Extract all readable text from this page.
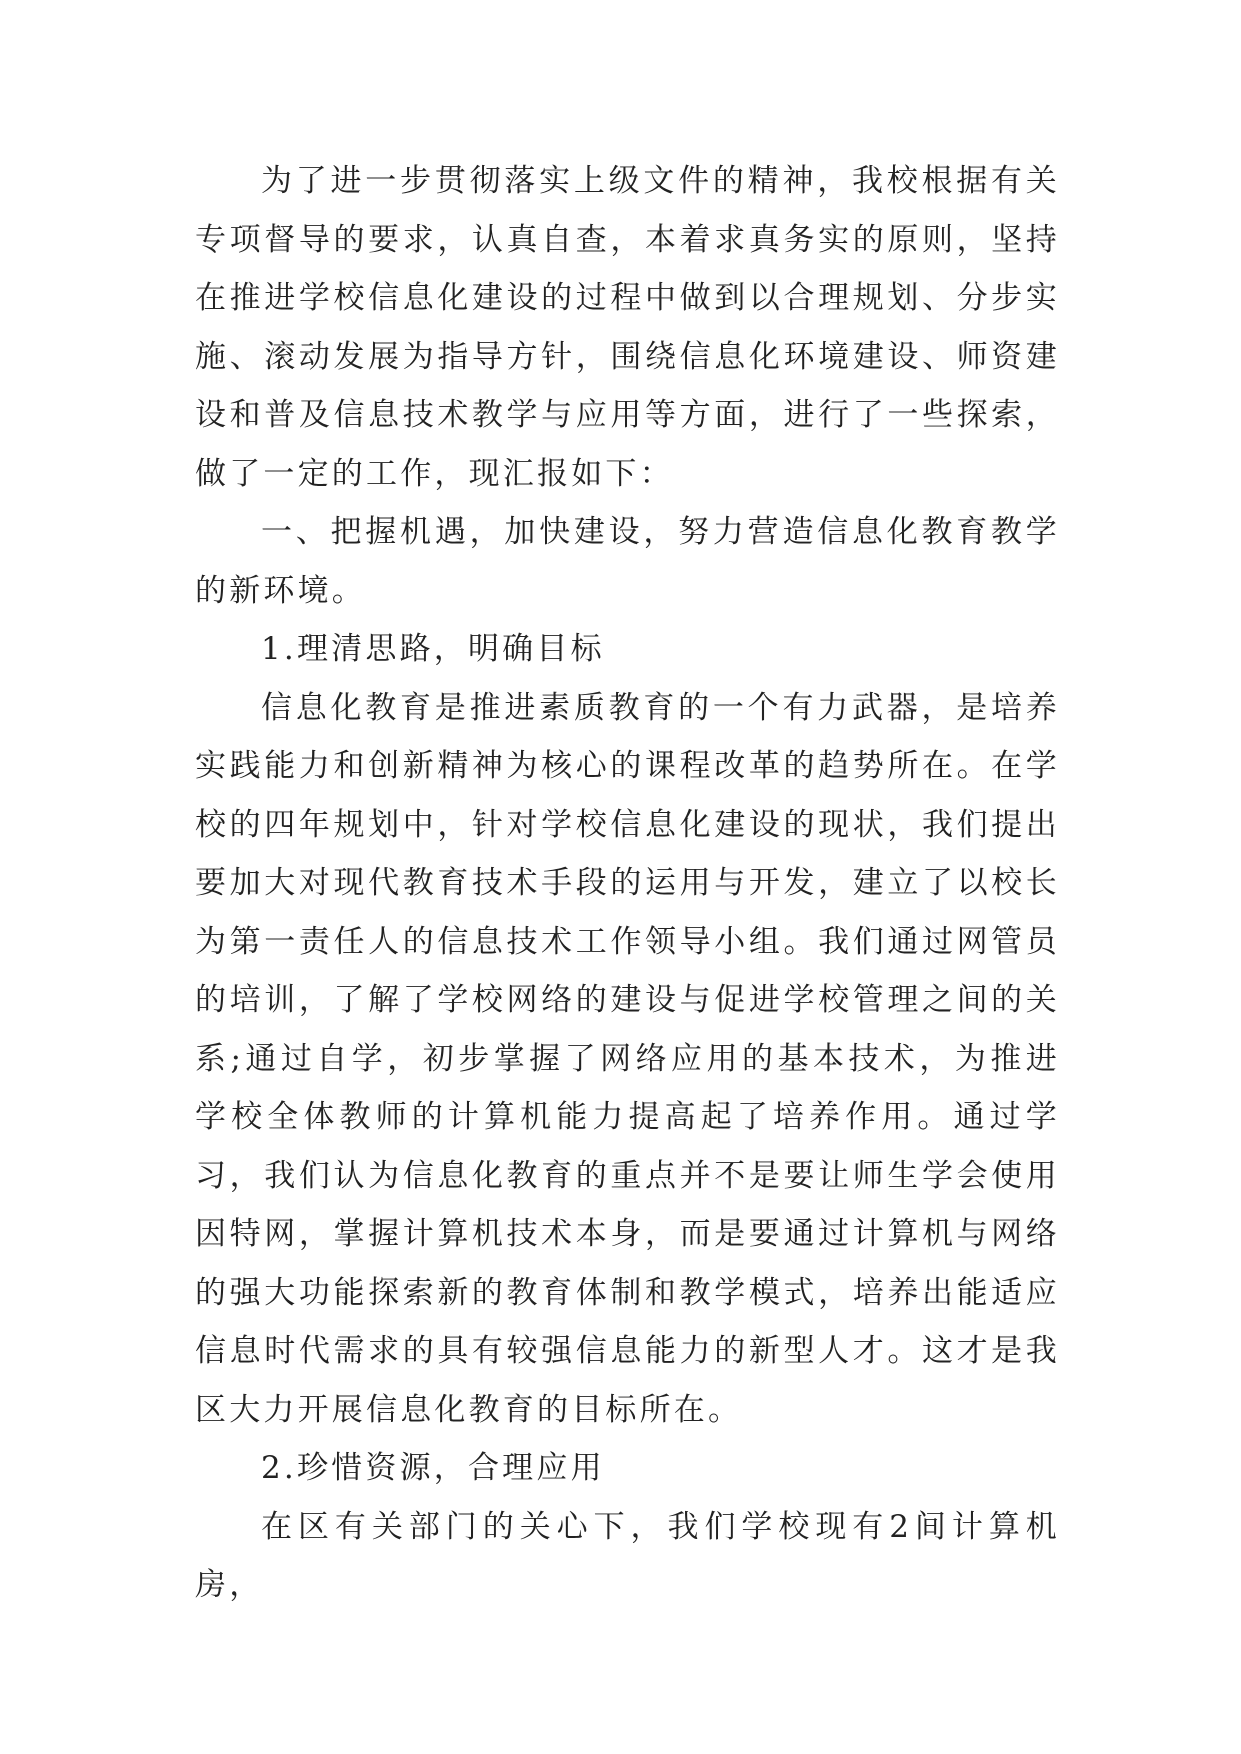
为了进一步贯彻落实上级文件的精神，我校根据有关专项督导的要求，认真自查，本着求真务实的原则，坚持在推进学校信息化建设的过程中做到以合理规划、分步实施、滚动发展为指导方针，围绕信息化环境建设、师资建设和普及信息技术教学与应用等方面，进行了一些探索，做了一定的工作，现汇报如下：

一、把握机遇，加快建设，努力营造信息化教育教学的新环境。

1.理清思路，明确目标

信息化教育是推进素质教育的一个有力武器，是培养实践能力和创新精神为核心的课程改革的趋势所在。在学校的四年规划中，针对学校信息化建设的现状，我们提出要加大对现代教育技术手段的运用与开发，建立了以校长为第一责任人的信息技术工作领导小组。我们通过网管员的培训，了解了学校网络的建设与促进学校管理之间的关系;通过自学，初步掌握了网络应用的基本技术，为推进学校全体教师的计算机能力提高起了培养作用。通过学习，我们认为信息化教育的重点并不是要让师生学会使用因特网，掌握计算机技术本身，而是要通过计算机与网络的强大功能探索新的教育体制和教学模式，培养出能适应信息时代需求的具有较强信息能力的新型人才。这才是我区大力开展信息化教育的目标所在。

2.珍惜资源，合理应用

在区有关部门的关心下，我们学校现有2间计算机房，
